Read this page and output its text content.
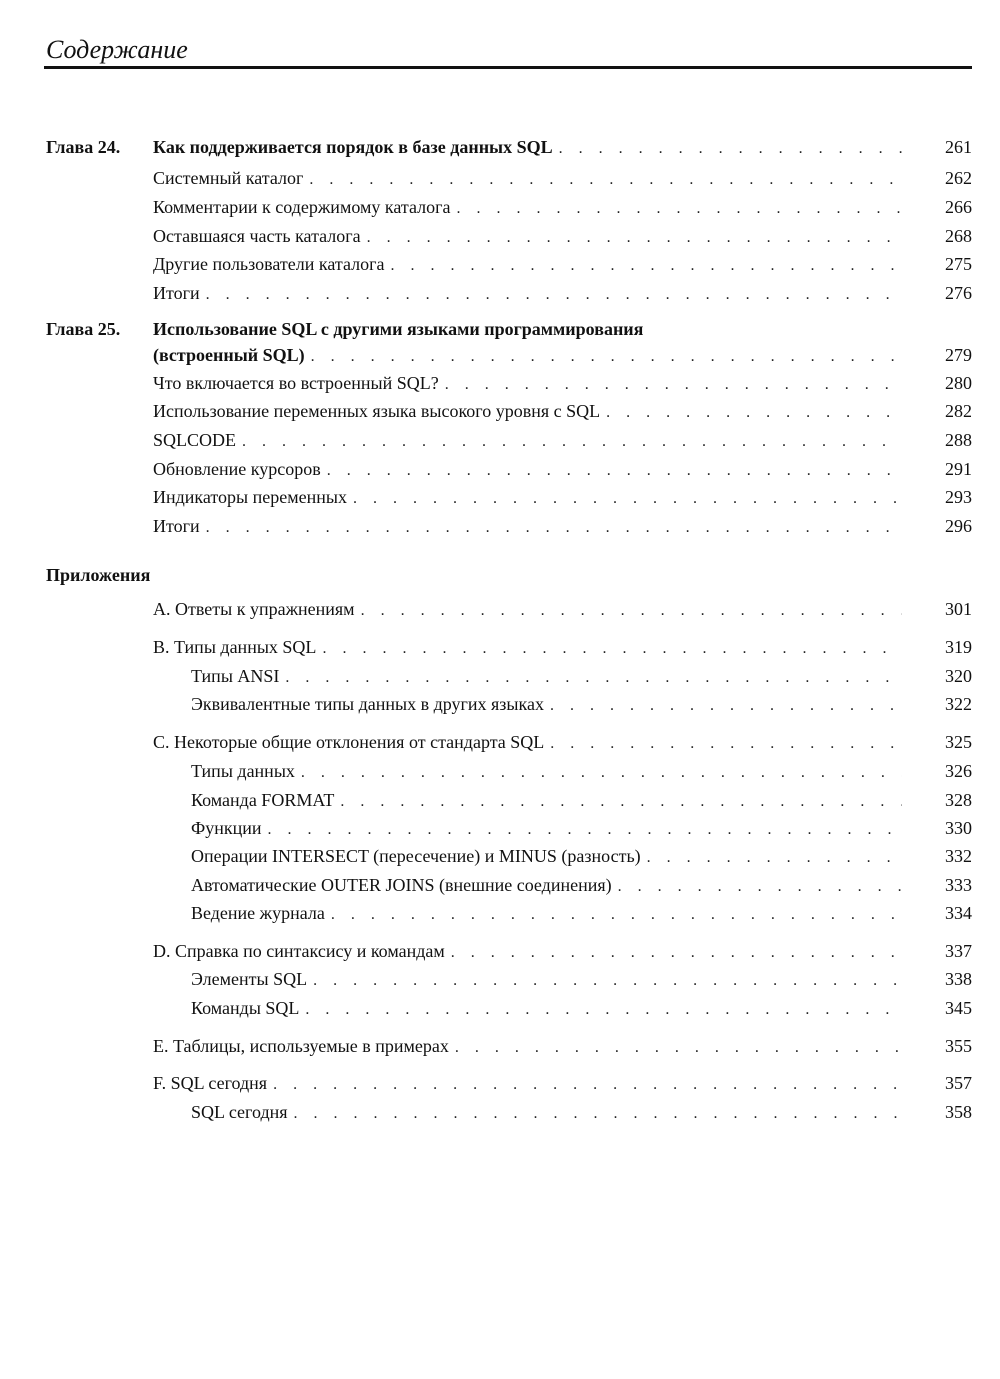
Содержание
Глава 24. Как поддерживается порядок в базе данных SQL . . .	261
Системный каталог . . .	262
Комментарии к содержимому каталога . . .	266
Оставшаяся часть каталога . . .	268
Другие пользователи каталога . . .	275
Итоги . . .	276
Глава 25. Использование SQL с другими языками программирования
(встроенный SQL) . . .	279
Что включается во встроенный SQL? . . .	280
Использование переменных языка высокого уровня с SQL . . .	282
SQLCODE . . .	288
Обновление курсоров . . .	291
Индикаторы переменных . . .	293
Итоги . . .	296
Приложения
А. Ответы к упражнениям . . .	301
В. Типы данных SQL . . .	319
Типы ANSI . . .	320
Эквивалентные типы данных в других языках . . .	322
С. Некоторые общие отклонения от стандарта SQL . . .	325
Типы данных . . .	326
Команда FORMAT . . .	328
Функции . . .	330
Операции INTERSECT (пересечение) и MINUS (разность) . . .	332
Автоматические OUTER JOINS (внешние соединения) . . .	333
Ведение журнала . . .	334
D. Справка по синтаксису и командам . . .	337
Элементы SQL . . .	338
Команды SQL . . .	345
Е. Таблицы, используемые в примерах . . .	355
F. SQL сегодня . . .	357
SQL сегодня . . .	358
